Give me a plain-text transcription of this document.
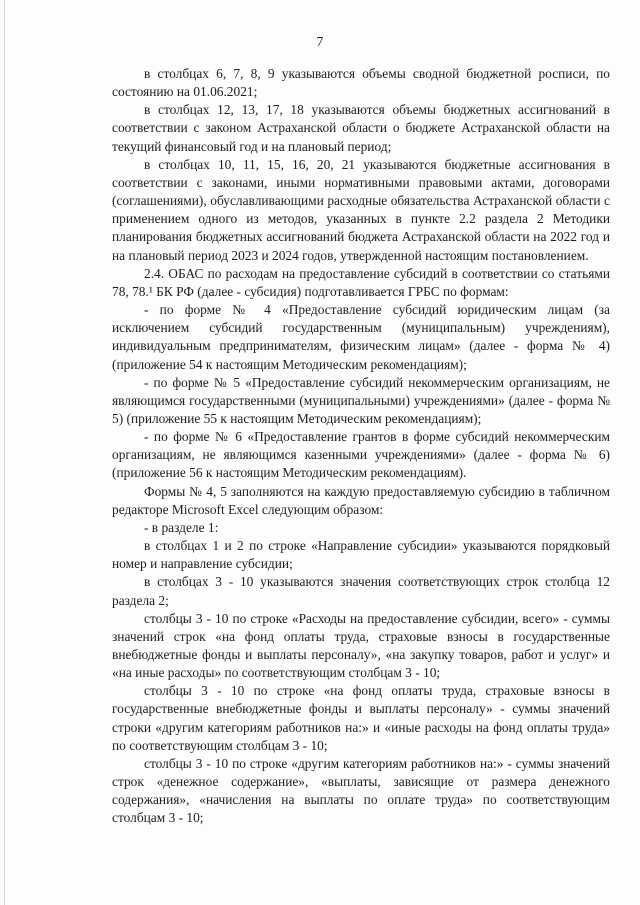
7

в столбцах 6, 7, 8, 9 указываются объемы сводной бюджетной росписи, по состоянию на 01.06.2021;

в столбцах 12, 13, 17, 18 указываются объемы бюджетных ассигнований в соответствии с законом Астраханской области о бюджете Астраханской области на текущий финансовый год и на плановый период;

в столбцах 10, 11, 15, 16, 20, 21 указываются бюджетные ассигнования в соответствии с законами, иными нормативными правовыми актами, договорами (соглашениями), обуславливающими расходные обязательства Астраханской области с применением одного из методов, указанных в пункте 2.2 раздела 2 Методики планирования бюджетных ассигнований бюджета Астраханской области на 2022 год и на плановый период 2023 и 2024 годов, утвержденной настоящим постановлением.

2.4. ОБАС по расходам на предоставление субсидий в соответствии со статьями 78, 78.¹ БК РФ (далее - субсидия) подготавливается ГРБС по формам:

- по форме № 4 «Предоставление субсидий юридическим лицам (за исключением субсидий государственным (муниципальным) учреждениям), индивидуальным предпринимателям, физическим лицам» (далее - форма № 4) (приложение 54 к настоящим Методическим рекомендациям);

- по форме № 5 «Предоставление субсидий некоммерческим организациям, не являющимся государственными (муниципальными) учреждениями» (далее - форма № 5) (приложение 55 к настоящим Методическим рекомендациям);

- по форме № 6 «Предоставление грантов в форме субсидий некоммерческим организациям, не являющимся казенными учреждениями» (далее - форма № 6) (приложение 56 к настоящим Методическим рекомендациям).

Формы № 4, 5 заполняются на каждую предоставляемую субсидию в табличном редакторе Microsoft Excel следующим образом:

- в разделе 1:

в столбцах 1 и 2 по строке «Направление субсидии» указываются порядковый номер и направление субсидии;

в столбцах 3 - 10 указываются значения соответствующих строк столбца 12 раздела 2;

столбцы 3 - 10 по строке «Расходы на предоставление субсидии, всего» - суммы значений строк «на фонд оплаты труда, страховые взносы в государственные внебюджетные фонды и выплаты персоналу», «на закупку товаров, работ и услуг» и «на иные расходы» по соответствующим столбцам 3 - 10;

столбцы 3 - 10 по строке «на фонд оплаты труда, страховые взносы в государственные внебюджетные фонды и выплаты персоналу» - суммы значений строки «другим категориям работников на:» и «иные расходы на фонд оплаты труда» по соответствующим столбцам 3 - 10;

столбцы 3 - 10 по строке «другим категориям работников на:» - суммы значений строк «денежное содержание», «выплаты, зависящие от размера денежного содержания», «начисления на выплаты по оплате труда» по соответствующим столбцам 3 - 10;
